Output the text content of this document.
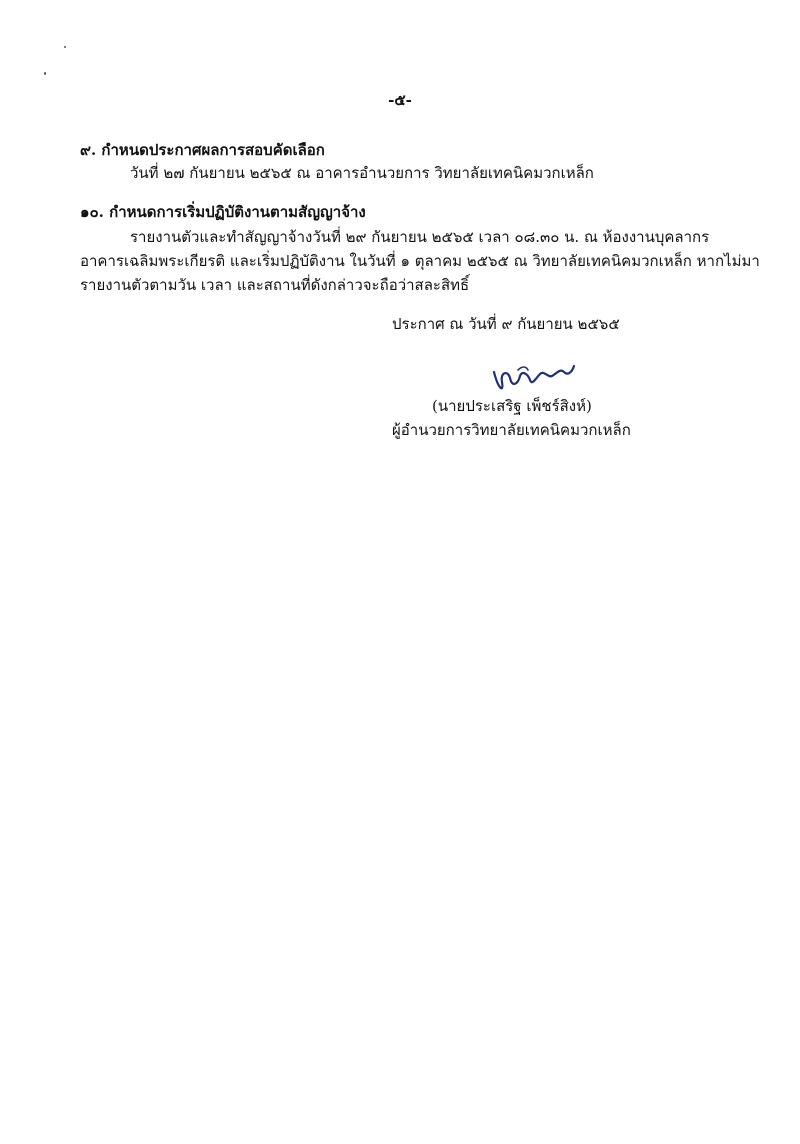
-๕-
๙. กำหนดประกาศผลการสอบคัดเลือก
วันที่ ๒๗ กันยายน ๒๕๖๕ ณ อาคารอำนวยการ วิทยาลัยเทคนิคมวกเหล็ก
๑๐. กำหนดการเริ่มปฏิบัติงานตามสัญญาจ้าง
รายงานตัวและทำสัญญาจ้างวันที่ ๒๙ กันยายน ๒๕๖๕ เวลา ๐๘.๓๐ น. ณ ห้องงานบุคลากร
อาคารเฉลิมพระเกียรติ และเริ่มปฏิบัติงาน ในวันที่ ๑ ตุลาคม ๒๕๖๕ ณ วิทยาลัยเทคนิคมวกเหล็ก หากไม่มา
รายงานตัวตามวัน เวลา และสถานที่ดังกล่าวจะถือว่าสละสิทธิ์
ประกาศ ณ วันที่ ๙ กันยายน ๒๕๖๕
(นายประเสริฐ เพ็ชร์สิงห์)
ผู้อำนวยการวิทยาลัยเทคนิคมวกเหล็ก
